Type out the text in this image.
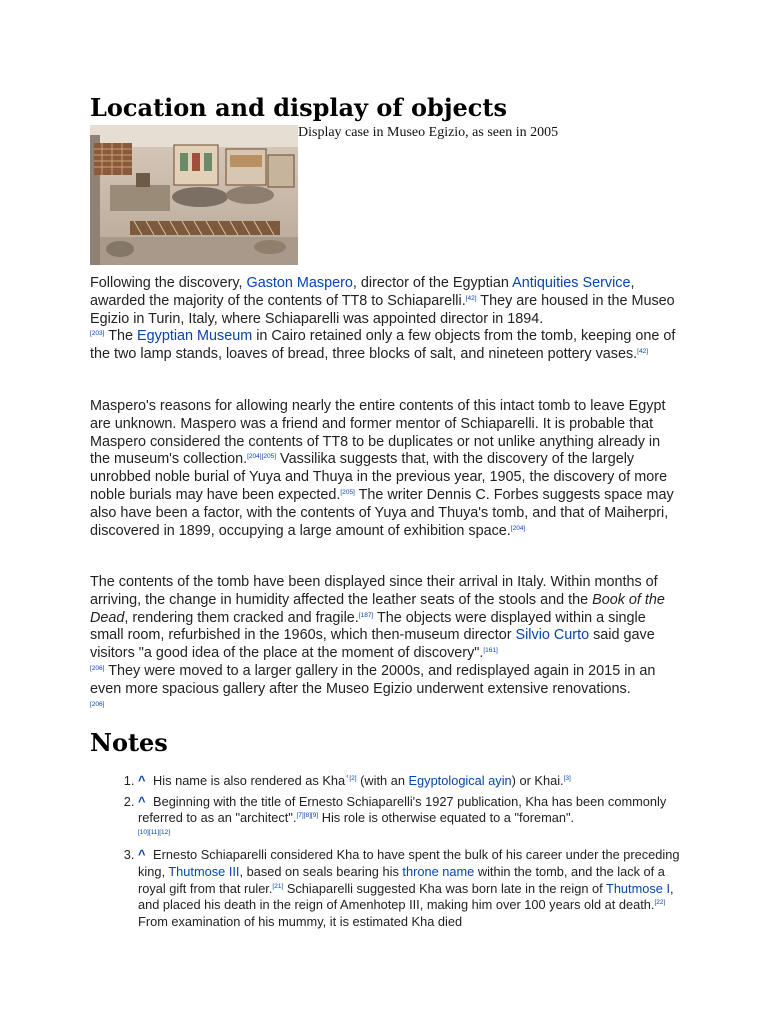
Location and display of objects
Display case in Museo Egizio, as seen in 2005

Following the discovery, Gaston Maspero, director of the Egyptian Antiquities Service, awarded the majority of the contents of TT8 to Schiaparelli.[42] They are housed in the Museo Egizio in Turin, Italy, where Schiaparelli was appointed director in 1894.
[203] The Egyptian Museum in Cairo retained only a few objects from the tomb, keeping one of the two lamp stands, loaves of bread, three blocks of salt, and nineteen pottery vases.[42]

Maspero's reasons for allowing nearly the entire contents of this intact tomb to leave Egypt are unknown. Maspero was a friend and former mentor of Schiaparelli. It is probable that Maspero considered the contents of TT8 to be duplicates or not unlike anything already in the museum's collection.[204][205] Vassilika suggests that, with the discovery of the largely unrobbed noble burial of Yuya and Thuya in the previous year, 1905, the discovery of more noble burials may have been expected.[205] The writer Dennis C. Forbes suggests space may also have been a factor, with the contents of Yuya and Thuya's tomb, and that of Maiherpri, discovered in 1899, occupying a large amount of exhibition space.[204]

The contents of the tomb have been displayed since their arrival in Italy. Within months of arriving, the change in humidity affected the leather seats of the stools and the Book of the Dead, rendering them cracked and fragile.[187] The objects were displayed within a single small room, refurbished in the 1960s, which then-museum director Silvio Curto said gave visitors "a good idea of the place at the moment of discovery".[161]
[206] They were moved to a larger gallery in the 2000s, and redisplayed again in 2015 in an even more spacious gallery after the Museo Egizio underwent extensive renovations.
[206]

Notes
1. ^ His name is also rendered as Khaʿ[2] (with an Egyptological ayin) or Khai.[3]
2. ^ Beginning with the title of Ernesto Schiaparelli's 1927 publication, Kha has been commonly referred to as an "architect".[7][8][9] His role is otherwise equated to a "foreman".
[10][11][12]
3. ^ Ernesto Schiaparelli considered Kha to have spent the bulk of his career under the preceding king, Thutmose III, based on seals bearing his throne name within the tomb, and the lack of a royal gift from that ruler.[21] Schiaparelli suggested Kha was born late in the reign of Thutmose I, and placed his death in the reign of Amenhotep III, making him over 100 years old at death.[22] From examination of his mummy, it is estimated Kha died
